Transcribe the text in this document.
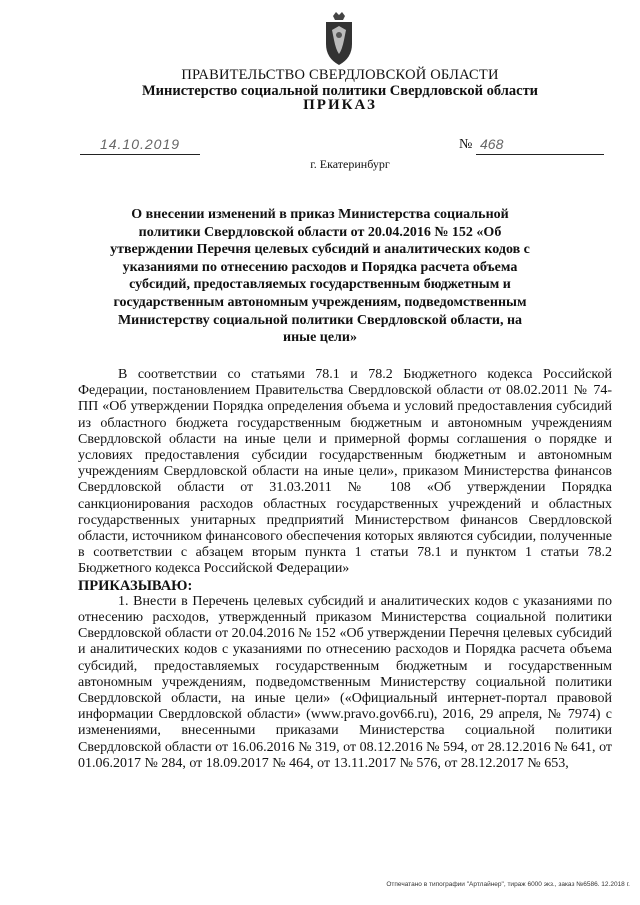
ПРАВИТЕЛЬСТВО СВЕРДЛОВСКОЙ ОБЛАСТИ
Министерство социальной политики Свердловской области
ПРИКАЗ
14.10.2019	№ 468
г. Екатеринбург
О внесении изменений в приказ Министерства социальной политики Свердловской области от 20.04.2016 № 152 «Об утверждении Перечня целевых субсидий и аналитических кодов с указаниями по отнесению расходов и Порядка расчета объема субсидий, предоставляемых государственным бюджетным и государственным автономным учреждениям, подведомственным Министерству социальной политики Свердловской области, на иные цели»

В соответствии со статьями 78.1 и 78.2 Бюджетного кодекса Российской Федерации, постановлением Правительства Свердловской области от 08.02.2011 № 74-ПП «Об утверждении Порядка определения объема и условий предоставления субсидий из областного бюджета государственным бюджетным и автономным учреждениям Свердловской области на иные цели и примерной формы соглашения о порядке и условиях предоставления субсидии государственным бюджетным и автономным учреждениям Свердловской области на иные цели», приказом Министерства финансов Свердловской области от 31.03.2011 № 108 «Об утверждении Порядка санкционирования расходов областных государственных учреждений и областных государственных унитарных предприятий Министерством финансов Свердловской области, источником финансового обеспечения которых являются субсидии, полученные в соответствии с абзацем вторым пункта 1 статьи 78.1 и пунктом 1 статьи 78.2 Бюджетного кодекса Российской Федерации»

ПРИКАЗЫВАЮ:

1. Внести в Перечень целевых субсидий и аналитических кодов с указаниями по отнесению расходов, утвержденный приказом Министерства социальной политики Свердловской области от 20.04.2016 № 152 «Об утверждении Перечня целевых субсидий и аналитических кодов с указаниями по отнесению расходов и Порядка расчета объема субсидий, предоставляемых государственным бюджетным и государственным автономным учреждениям, подведомственным Министерству социальной политики Свердловской области, на иные цели» («Официальный интернет-портал правовой информации Свердловской области» (www.pravo.gov66.ru), 2016, 29 апреля, № 7974) с изменениями, внесенными приказами Министерства социальной политики Свердловской области от 16.06.2016 № 319, от 08.12.2016 № 594, от 28.12.2016 № 641, от 01.06.2017 № 284, от 18.09.2017 № 464, от 13.11.2017 № 576, от 28.12.2017 № 653,

Отпечатано в типографии "Артлайнер", тираж 6000 экз., заказ №6586. 12.2018 г.
